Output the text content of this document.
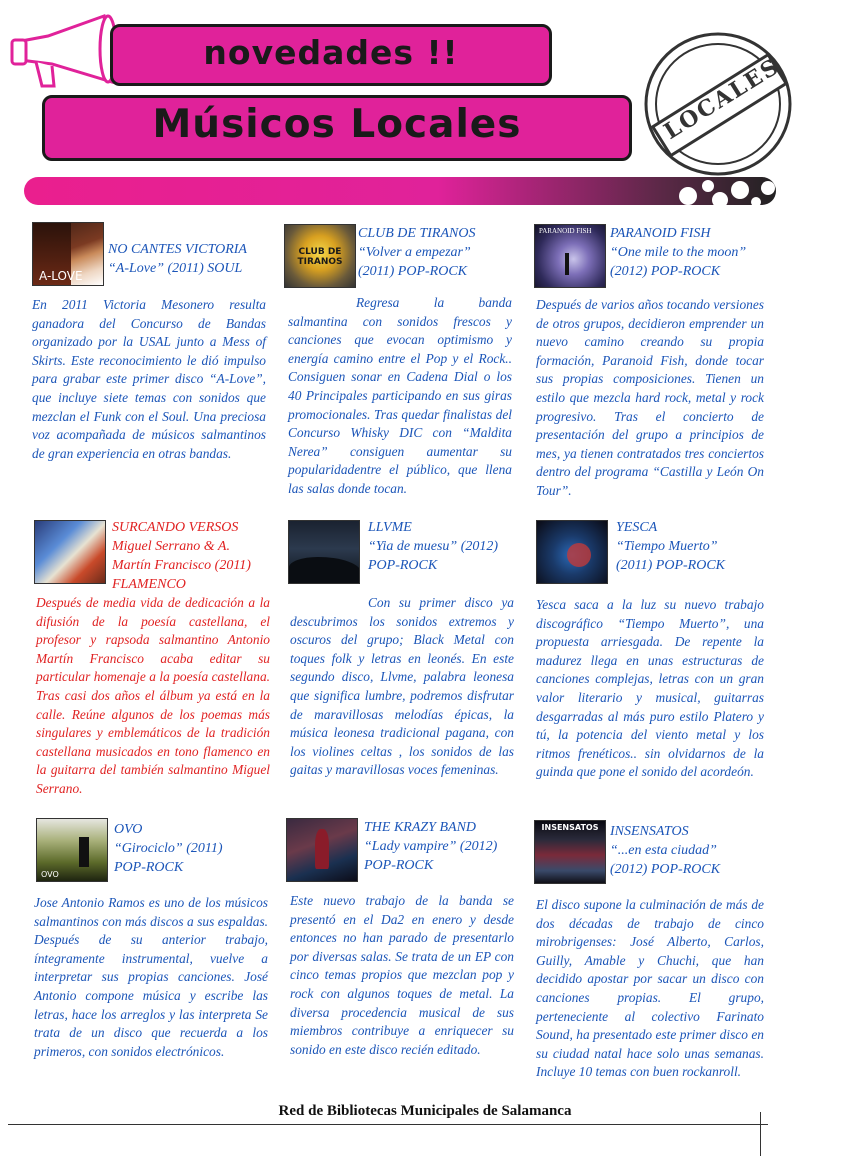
novedades !!
Músicos Locales	LOCALES
A-LOVE
NO CANTES VICTORIA
“A-Love” (2011) SOUL

En 2011 Victoria Mesonero resulta ganadora del Concurso de Bandas organizado por la USAL junto a Mess of Skirts. Este reconocimiento le dió impulso para grabar este primer disco “A-Love”, que incluye siete temas con sonidos que mezclan el Funk con el Soul. Una preciosa voz acompañada de músicos salmantinos de gran experiencia en otras bandas.

CLUB DE TIRANOS
CLUB DE TIRANOS
“Volver a empezar”
(2011) POP-ROCK

Regresa la banda salmantina con sonidos frescos y canciones que evocan optimismo y energía camino entre el Pop y el Rock.. Consiguen sonar en Cadena Dial o los 40 Principales participando en sus giras promocionales. Tras quedar finalistas del Concurso Whisky DIC con “Maldita Nerea” consiguen aumentar su popularidadentre el público, que llena las salas donde tocan.

PARANOID FISH PARANOID FISH
“One mile to the moon”
(2012) POP-ROCK

Después de varios años tocando versiones de otros grupos, decidieron emprender un nuevo camino creando su propia formación, Paranoid Fish, donde tocar sus propias composiciones. Tienen un estilo que mezcla hard rock, metal y rock progresivo. Tras el concierto de presentación del grupo a principios de mes, ya tienen contratados tres conciertos dentro del programa “Castilla y León On Tour”.

SURCANDO VERSOS
Miguel Serrano & A. Martín Francisco (2011)
FLAMENCO

Después de media vida de dedicación a la difusión de la poesía castellana, el profesor y rapsoda salmantino Antonio Martín Francisco acaba editar su particular homenaje a la poesía castellana. Tras casi dos años el álbum ya está en la calle. Reúne algunos de los poemas más singulares y emblemáticos de la tradición castellana musicados en tono flamenco en la guitarra del también salmantino Miguel Serrano.

LLVME
“Yia de muesu” (2012)
POP-ROCK

Con su primer disco ya descubrimos los sonidos extremos y oscuros del grupo; Black Metal con toques folk y letras en leonés. En este segundo disco, Llvme, palabra leonesa que significa lumbre, podremos disfrutar de maravillosas melodías épicas, la música leonesa tradicional pagana, con los violines celtas , los sonidos de las gaitas y maravillosas voces femeninas.

YESCA
“Tiempo Muerto”
(2011) POP-ROCK

Yesca saca a la luz su nuevo trabajo discográfico “Tiempo Muerto”, una propuesta arriesgada. De repente la madurez llega en unas estructuras de canciones complejas, letras con un gran valor literario y musical, guitarras desgarradas al más puro estilo Platero y tú, la potencia del viento metal y los ritmos frenéticos.. sin olvidarnos de la guinda que pone el sonido del acordeón.

OVO
OVO
“Girociclo” (2011)
POP-ROCK

Jose Antonio Ramos es uno de los músicos salmantinos con más discos a sus espaldas. Después de su anterior trabajo, íntegramente instrumental, vuelve a interpretar sus propias canciones. José Antonio compone música y escribe las letras, hace los arreglos y las interpreta Se trata de un disco que recuerda a los primeros, con sonidos electrónicos.

THE KRAZY BAND
“Lady vampire” (2012)
POP-ROCK

Este nuevo trabajo de la banda se presentó en el Da2 en enero y desde entonces no han parado de presentarlo por diversas salas. Se trata de un EP con cinco temas propios que mezclan pop y rock con algunos toques de metal. La diversa procedencia musical de sus miembros contribuye a enriquecer su sonido en este disco recién editado.

INSENSATOS INSENSATOS
“...en esta ciudad”
(2012) POP-ROCK

El disco supone la culminación de más de dos décadas de trabajo de cinco mirobrigenses: José Alberto, Carlos, Guilly, Amable y Chuchi, que han decidido apostar por sacar un disco con canciones propias. El grupo, perteneciente al colectivo Farinato Sound, ha presentado este primer disco en su ciudad natal hace solo unas semanas. Incluye 10 temas con buen rockanroll.

Red de Bibliotecas Municipales de Salamanca
